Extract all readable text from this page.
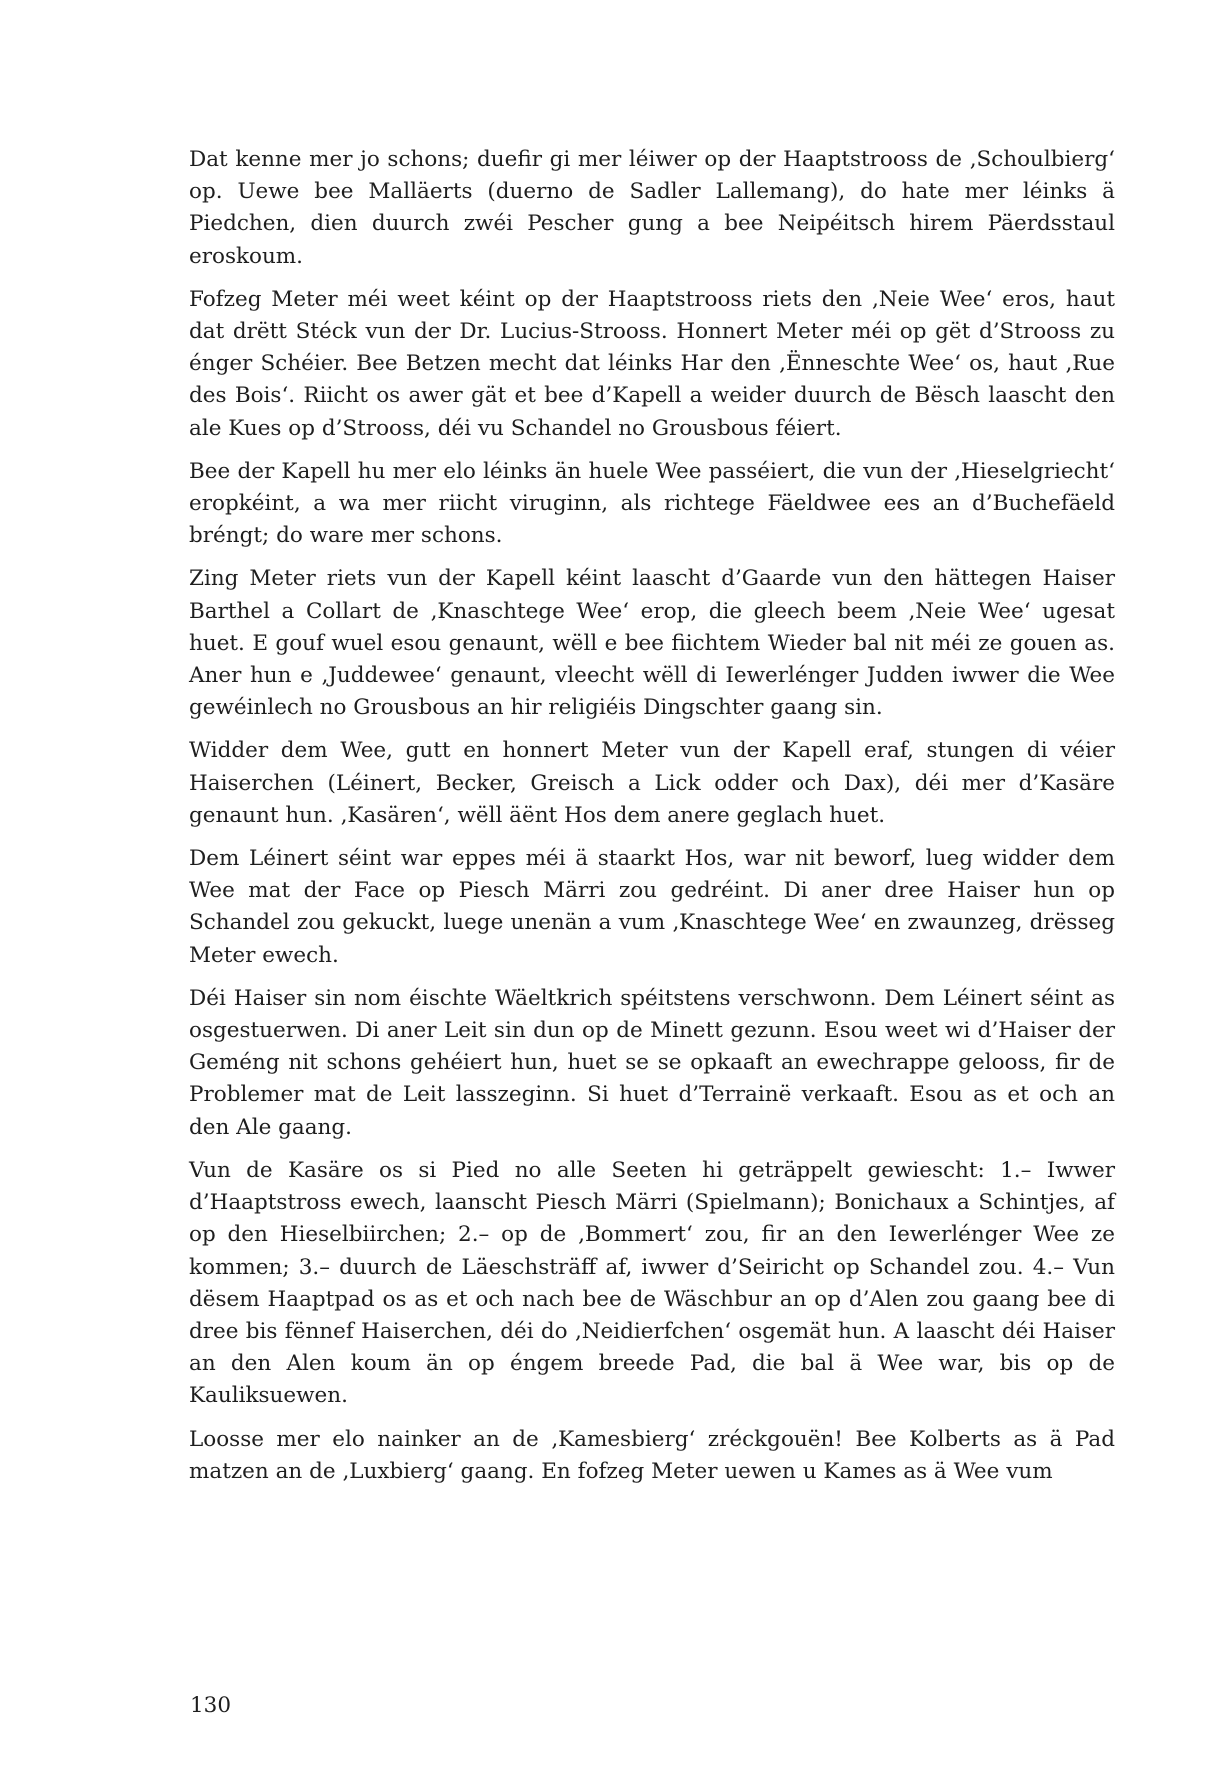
Dat kenne mer jo schons; duefir gi mer léiwer op der Haaptstrooss de ‚Schoulbierg‘ op. Uewe bee Malläerts (duerno de Sadler Lallemang), do hate mer léinks ä Piedchen, dien duurch zwéi Pescher gung a bee Neipéitsch hirem Päerdsstaul eroskoum.

Fofzeg Meter méi weet kéint op der Haaptstrooss riets den ‚Neie Wee‘ eros, haut dat drëtt Stéck vun der Dr. Lucius-Strooss. Honnert Meter méi op gët d’Strooss zu énger Schéier. Bee Betzen mecht dat léinks Har den ‚Ënneschte Wee‘ os, haut ‚Rue des Bois‘. Riicht os awer gät et bee d’Kapell a weider duurch de Bësch laascht den ale Kues op d’Strooss, déi vu Schandel no Grousbous féiert.

Bee der Kapell hu mer elo léinks än huele Wee passéiert, die vun der ‚Hieselgriecht‘ eropkéint, a wa mer riicht viruginn, als richtege Fäeldwee ees an d’Buchefäeld bréngt; do ware mer schons.

Zing Meter riets vun der Kapell kéint laascht d’Gaarde vun den hättegen Haiser Barthel a Collart de ‚Knaschtege Wee‘ erop, die gleech beem ‚Neie Wee‘ ugesat huet. E gouf wuel esou genaunt, wëll e bee fiichtem Wieder bal nit méi ze gouen as. Aner hun e ‚Juddewee‘ genaunt, vleecht wëll di Iewerlénger Judden iwwer die Wee gewéinlech no Grousbous an hir religiéis Dingschter gaang sin.

Widder dem Wee, gutt en honnert Meter vun der Kapell eraf, stungen di véier Haiserchen (Léinert, Becker, Greisch a Lick odder och Dax), déi mer d’Kasäre genaunt hun. ‚Kasären‘, wëll äënt Hos dem anere geglach huet.

Dem Léinert séint war eppes méi ä staarkt Hos, war nit beworf, lueg widder dem Wee mat der Face op Piesch Märri zou gedréint. Di aner dree Haiser hun op Schandel zou gekuckt, luege unenän a vum ‚Knaschtege Wee‘ en zwaunzeg, drësseg Meter ewech.

Déi Haiser sin nom éischte Wäeltkrich spéitstens verschwonn. Dem Léinert séint as osgestuerwen. Di aner Leit sin dun op de Minett gezunn. Esou weet wi d’Haiser der Geméng nit schons gehéiert hun, huet se se opkaaft an ewechrappe gelooss, fir de Problemer mat de Leit lasszeginn. Si huet d’Terrainë verkaaft. Esou as et och an den Ale gaang.

Vun de Kasäre os si Pied no alle Seeten hi geträppelt gewiescht: 1.– Iwwer d’Haaptstross ewech, laanscht Piesch Märri (Spielmann); Bonichaux a Schintjes, af op den Hieselbiirchen; 2.– op de ‚Bommert‘ zou, fir an den Iewerlénger Wee ze kommen; 3.– duurch de Läeschsträff af, iwwer d’Seiricht op Schandel zou. 4.– Vun dësem Haaptpad os as et och nach bee de Wäschbur an op d’Alen zou gaang bee di dree bis fënnef Haiserchen, déi do ‚Neidierfchen‘ osgemät hun. A laascht déi Haiser an den Alen koum än op éngem breede Pad, die bal ä Wee war, bis op de Kauliksuewen.

Loosse mer elo nainker an de ‚Kamesbierg‘ zréckgouën! Bee Kolberts as ä Pad matzen an de ‚Luxbierg‘ gaang. En fofzeg Meter uewen u Kames as ä Wee vum

130
